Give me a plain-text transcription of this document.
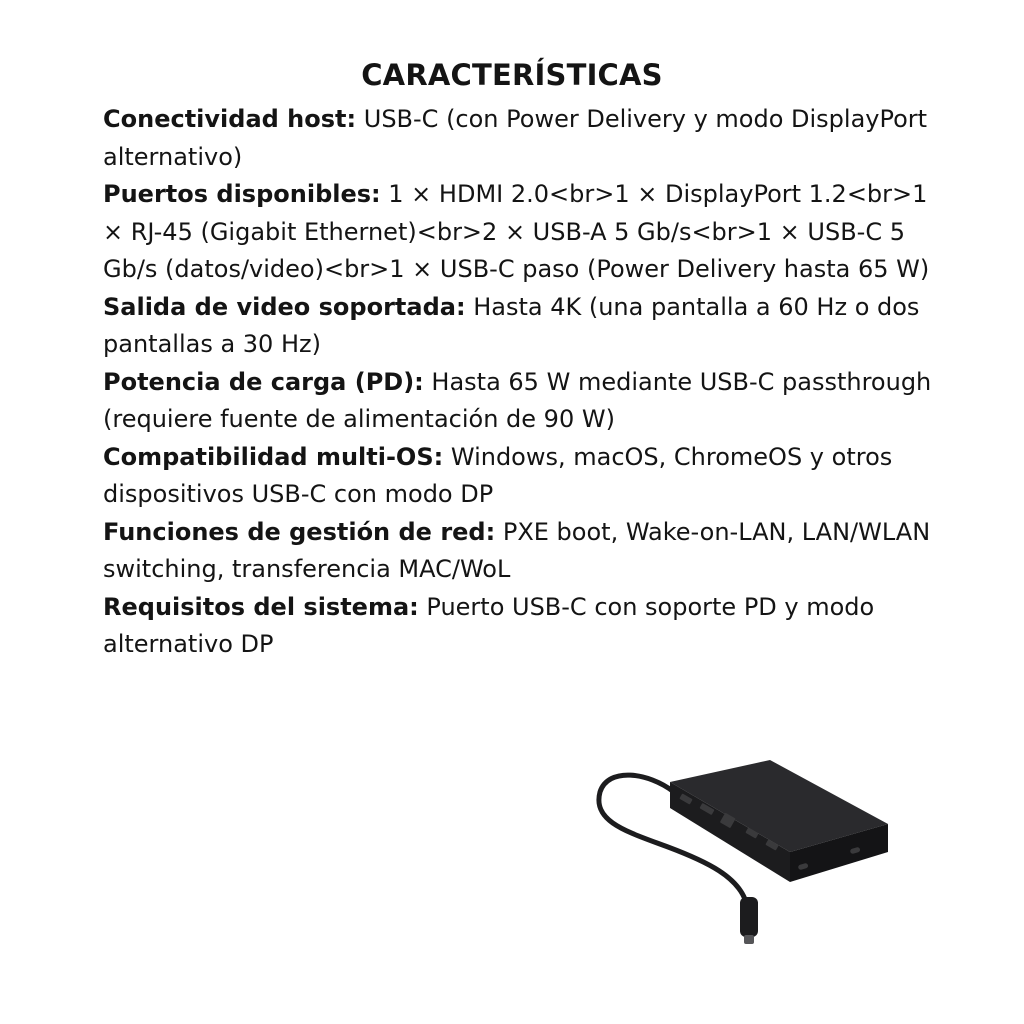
CARACTERÍSTICAS
Conectividad host: USB-C (con Power Delivery y modo DisplayPort alternativo)
Puertos disponibles: 1 × HDMI 2.0<br>1 × DisplayPort 1.2<br>1 × RJ-45 (Gigabit Ethernet)<br>2 × USB-A 5 Gb/s<br>1 × USB-C 5 Gb/s (datos/video)<br>1 × USB-C paso (Power Delivery hasta 65 W)
Salida de video soportada: Hasta 4K (una pantalla a 60 Hz o dos pantallas a 30 Hz)
Potencia de carga (PD): Hasta 65 W mediante USB-C passthrough (requiere fuente de alimentación de 90 W)
Compatibilidad multi-OS: Windows, macOS, ChromeOS y otros dispositivos USB-C con modo DP
Funciones de gestión de red: PXE boot, Wake-on-LAN, LAN/WLAN switching, transferencia MAC/WoL
Requisitos del sistema: Puerto USB-C con soporte PD y modo alternativo DP
